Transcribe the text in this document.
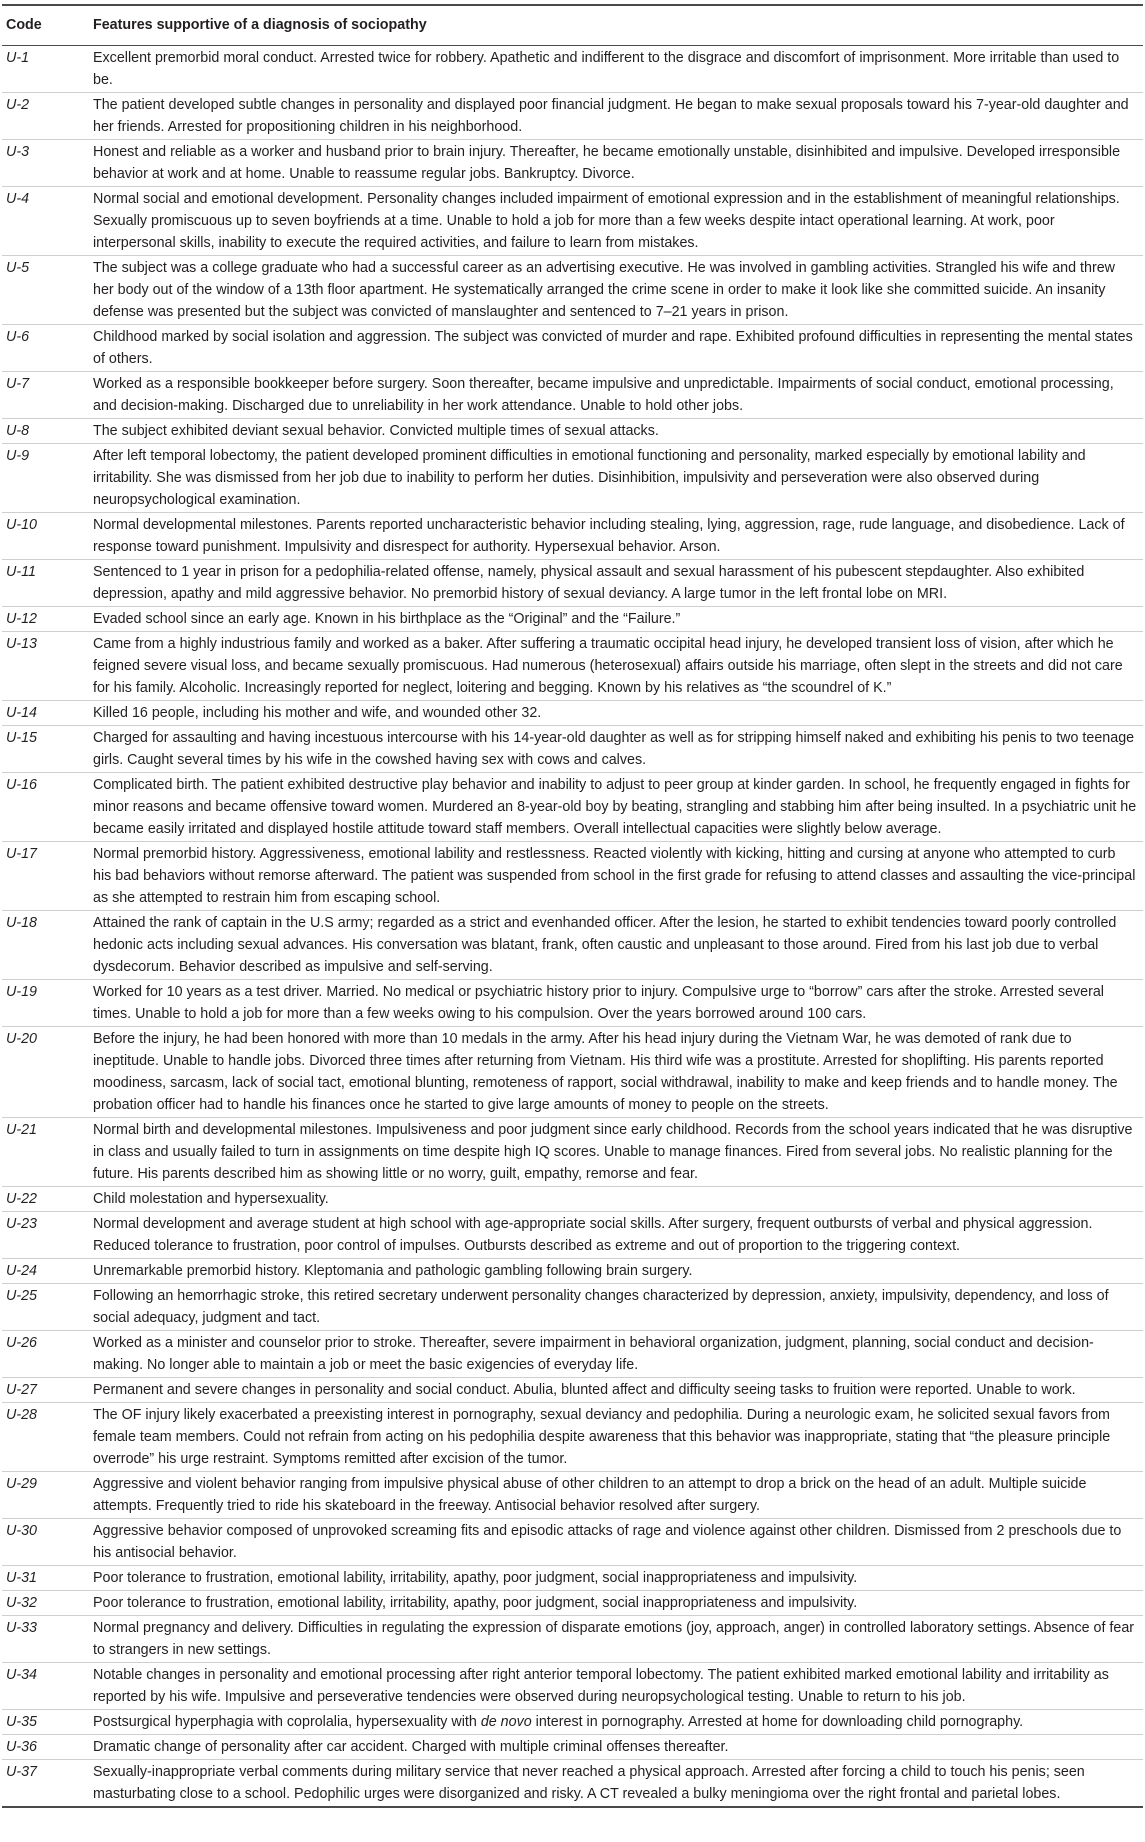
Code	Features supportive of a diagnosis of sociopathy
U-1	Excellent premorbid moral conduct. Arrested twice for robbery. Apathetic and indifferent to the disgrace and discomfort of imprisonment. More irritable than used to be.
U-2	The patient developed subtle changes in personality and displayed poor financial judgment. He began to make sexual proposals toward his 7-year-old daughter and her friends. Arrested for propositioning children in his neighborhood.
U-3	Honest and reliable as a worker and husband prior to brain injury. Thereafter, he became emotionally unstable, disinhibited and impulsive. Developed irresponsible behavior at work and at home. Unable to reassume regular jobs. Bankruptcy. Divorce.
U-4	Normal social and emotional development. Personality changes included impairment of emotional expression and in the establishment of meaningful relationships. Sexually promiscuous up to seven boyfriends at a time. Unable to hold a job for more than a few weeks despite intact operational learning. At work, poor interpersonal skills, inability to execute the required activities, and failure to learn from mistakes.
U-5	The subject was a college graduate who had a successful career as an advertising executive. He was involved in gambling activities. Strangled his wife and threw her body out of the window of a 13th floor apartment. He systematically arranged the crime scene in order to make it look like she committed suicide. An insanity defense was presented but the subject was convicted of manslaughter and sentenced to 7–21 years in prison.
U-6	Childhood marked by social isolation and aggression. The subject was convicted of murder and rape. Exhibited profound difficulties in representing the mental states of others.
U-7	Worked as a responsible bookkeeper before surgery. Soon thereafter, became impulsive and unpredictable. Impairments of social conduct, emotional processing, and decision-making. Discharged due to unreliability in her work attendance. Unable to hold other jobs.
U-8	The subject exhibited deviant sexual behavior. Convicted multiple times of sexual attacks.
U-9	After left temporal lobectomy, the patient developed prominent difficulties in emotional functioning and personality, marked especially by emotional lability and irritability. She was dismissed from her job due to inability to perform her duties. Disinhibition, impulsivity and perseveration were also observed during neuropsychological examination.
U-10	Normal developmental milestones. Parents reported uncharacteristic behavior including stealing, lying, aggression, rage, rude language, and disobedience. Lack of response toward punishment. Impulsivity and disrespect for authority. Hypersexual behavior. Arson.
U-11	Sentenced to 1 year in prison for a pedophilia-related offense, namely, physical assault and sexual harassment of his pubescent stepdaughter. Also exhibited depression, apathy and mild aggressive behavior. No premorbid history of sexual deviancy. A large tumor in the left frontal lobe on MRI.
U-12	Evaded school since an early age. Known in his birthplace as the “Original” and the “Failure.”
U-13	Came from a highly industrious family and worked as a baker. After suffering a traumatic occipital head injury, he developed transient loss of vision, after which he feigned severe visual loss, and became sexually promiscuous. Had numerous (heterosexual) affairs outside his marriage, often slept in the streets and did not care for his family. Alcoholic. Increasingly reported for neglect, loitering and begging. Known by his relatives as “the scoundrel of K.”
U-14	Killed 16 people, including his mother and wife, and wounded other 32.
U-15	Charged for assaulting and having incestuous intercourse with his 14-year-old daughter as well as for stripping himself naked and exhibiting his penis to two teenage girls. Caught several times by his wife in the cowshed having sex with cows and calves.
U-16	Complicated birth. The patient exhibited destructive play behavior and inability to adjust to peer group at kinder garden. In school, he frequently engaged in fights for minor reasons and became offensive toward women. Murdered an 8-year-old boy by beating, strangling and stabbing him after being insulted. In a psychiatric unit he became easily irritated and displayed hostile attitude toward staff members. Overall intellectual capacities were slightly below average.
U-17	Normal premorbid history. Aggressiveness, emotional lability and restlessness. Reacted violently with kicking, hitting and cursing at anyone who attempted to curb his bad behaviors without remorse afterward. The patient was suspended from school in the first grade for refusing to attend classes and assaulting the vice-principal as she attempted to restrain him from escaping school.
U-18	Attained the rank of captain in the U.S army; regarded as a strict and evenhanded officer. After the lesion, he started to exhibit tendencies toward poorly controlled hedonic acts including sexual advances. His conversation was blatant, frank, often caustic and unpleasant to those around. Fired from his last job due to verbal dysdecorum. Behavior described as impulsive and self-serving.
U-19	Worked for 10 years as a test driver. Married. No medical or psychiatric history prior to injury. Compulsive urge to “borrow” cars after the stroke. Arrested several times. Unable to hold a job for more than a few weeks owing to his compulsion. Over the years borrowed around 100 cars.
U-20	Before the injury, he had been honored with more than 10 medals in the army. After his head injury during the Vietnam War, he was demoted of rank due to ineptitude. Unable to handle jobs. Divorced three times after returning from Vietnam. His third wife was a prostitute. Arrested for shoplifting. His parents reported moodiness, sarcasm, lack of social tact, emotional blunting, remoteness of rapport, social withdrawal, inability to make and keep friends and to handle money. The probation officer had to handle his finances once he started to give large amounts of money to people on the streets.
U-21	Normal birth and developmental milestones. Impulsiveness and poor judgment since early childhood. Records from the school years indicated that he was disruptive in class and usually failed to turn in assignments on time despite high IQ scores. Unable to manage finances. Fired from several jobs. No realistic planning for the future. His parents described him as showing little or no worry, guilt, empathy, remorse and fear.
U-22	Child molestation and hypersexuality.
U-23	Normal development and average student at high school with age-appropriate social skills. After surgery, frequent outbursts of verbal and physical aggression. Reduced tolerance to frustration, poor control of impulses. Outbursts described as extreme and out of proportion to the triggering context.
U-24	Unremarkable premorbid history. Kleptomania and pathologic gambling following brain surgery.
U-25	Following an hemorrhagic stroke, this retired secretary underwent personality changes characterized by depression, anxiety, impulsivity, dependency, and loss of social adequacy, judgment and tact.
U-26	Worked as a minister and counselor prior to stroke. Thereafter, severe impairment in behavioral organization, judgment, planning, social conduct and decision-making. No longer able to maintain a job or meet the basic exigencies of everyday life.
U-27	Permanent and severe changes in personality and social conduct. Abulia, blunted affect and difficulty seeing tasks to fruition were reported. Unable to work.
U-28	The OF injury likely exacerbated a preexisting interest in pornography, sexual deviancy and pedophilia. During a neurologic exam, he solicited sexual favors from female team members. Could not refrain from acting on his pedophilia despite awareness that this behavior was inappropriate, stating that “the pleasure principle overrode” his urge restraint. Symptoms remitted after excision of the tumor.
U-29	Aggressive and violent behavior ranging from impulsive physical abuse of other children to an attempt to drop a brick on the head of an adult. Multiple suicide attempts. Frequently tried to ride his skateboard in the freeway. Antisocial behavior resolved after surgery.
U-30	Aggressive behavior composed of unprovoked screaming fits and episodic attacks of rage and violence against other children. Dismissed from 2 preschools due to his antisocial behavior.
U-31	Poor tolerance to frustration, emotional lability, irritability, apathy, poor judgment, social inappropriateness and impulsivity.
U-32	Poor tolerance to frustration, emotional lability, irritability, apathy, poor judgment, social inappropriateness and impulsivity.
U-33	Normal pregnancy and delivery. Difficulties in regulating the expression of disparate emotions (joy, approach, anger) in controlled laboratory settings. Absence of fear to strangers in new settings.
U-34	Notable changes in personality and emotional processing after right anterior temporal lobectomy. The patient exhibited marked emotional lability and irritability as reported by his wife. Impulsive and perseverative tendencies were observed during neuropsychological testing. Unable to return to his job.
U-35	Postsurgical hyperphagia with coprolalia, hypersexuality with de novo interest in pornography. Arrested at home for downloading child pornography.
U-36	Dramatic change of personality after car accident. Charged with multiple criminal offenses thereafter.
U-37	Sexually-inappropriate verbal comments during military service that never reached a physical approach. Arrested after forcing a child to touch his penis; seen masturbating close to a school. Pedophilic urges were disorganized and risky. A CT revealed a bulky meningioma over the right frontal and parietal lobes.
